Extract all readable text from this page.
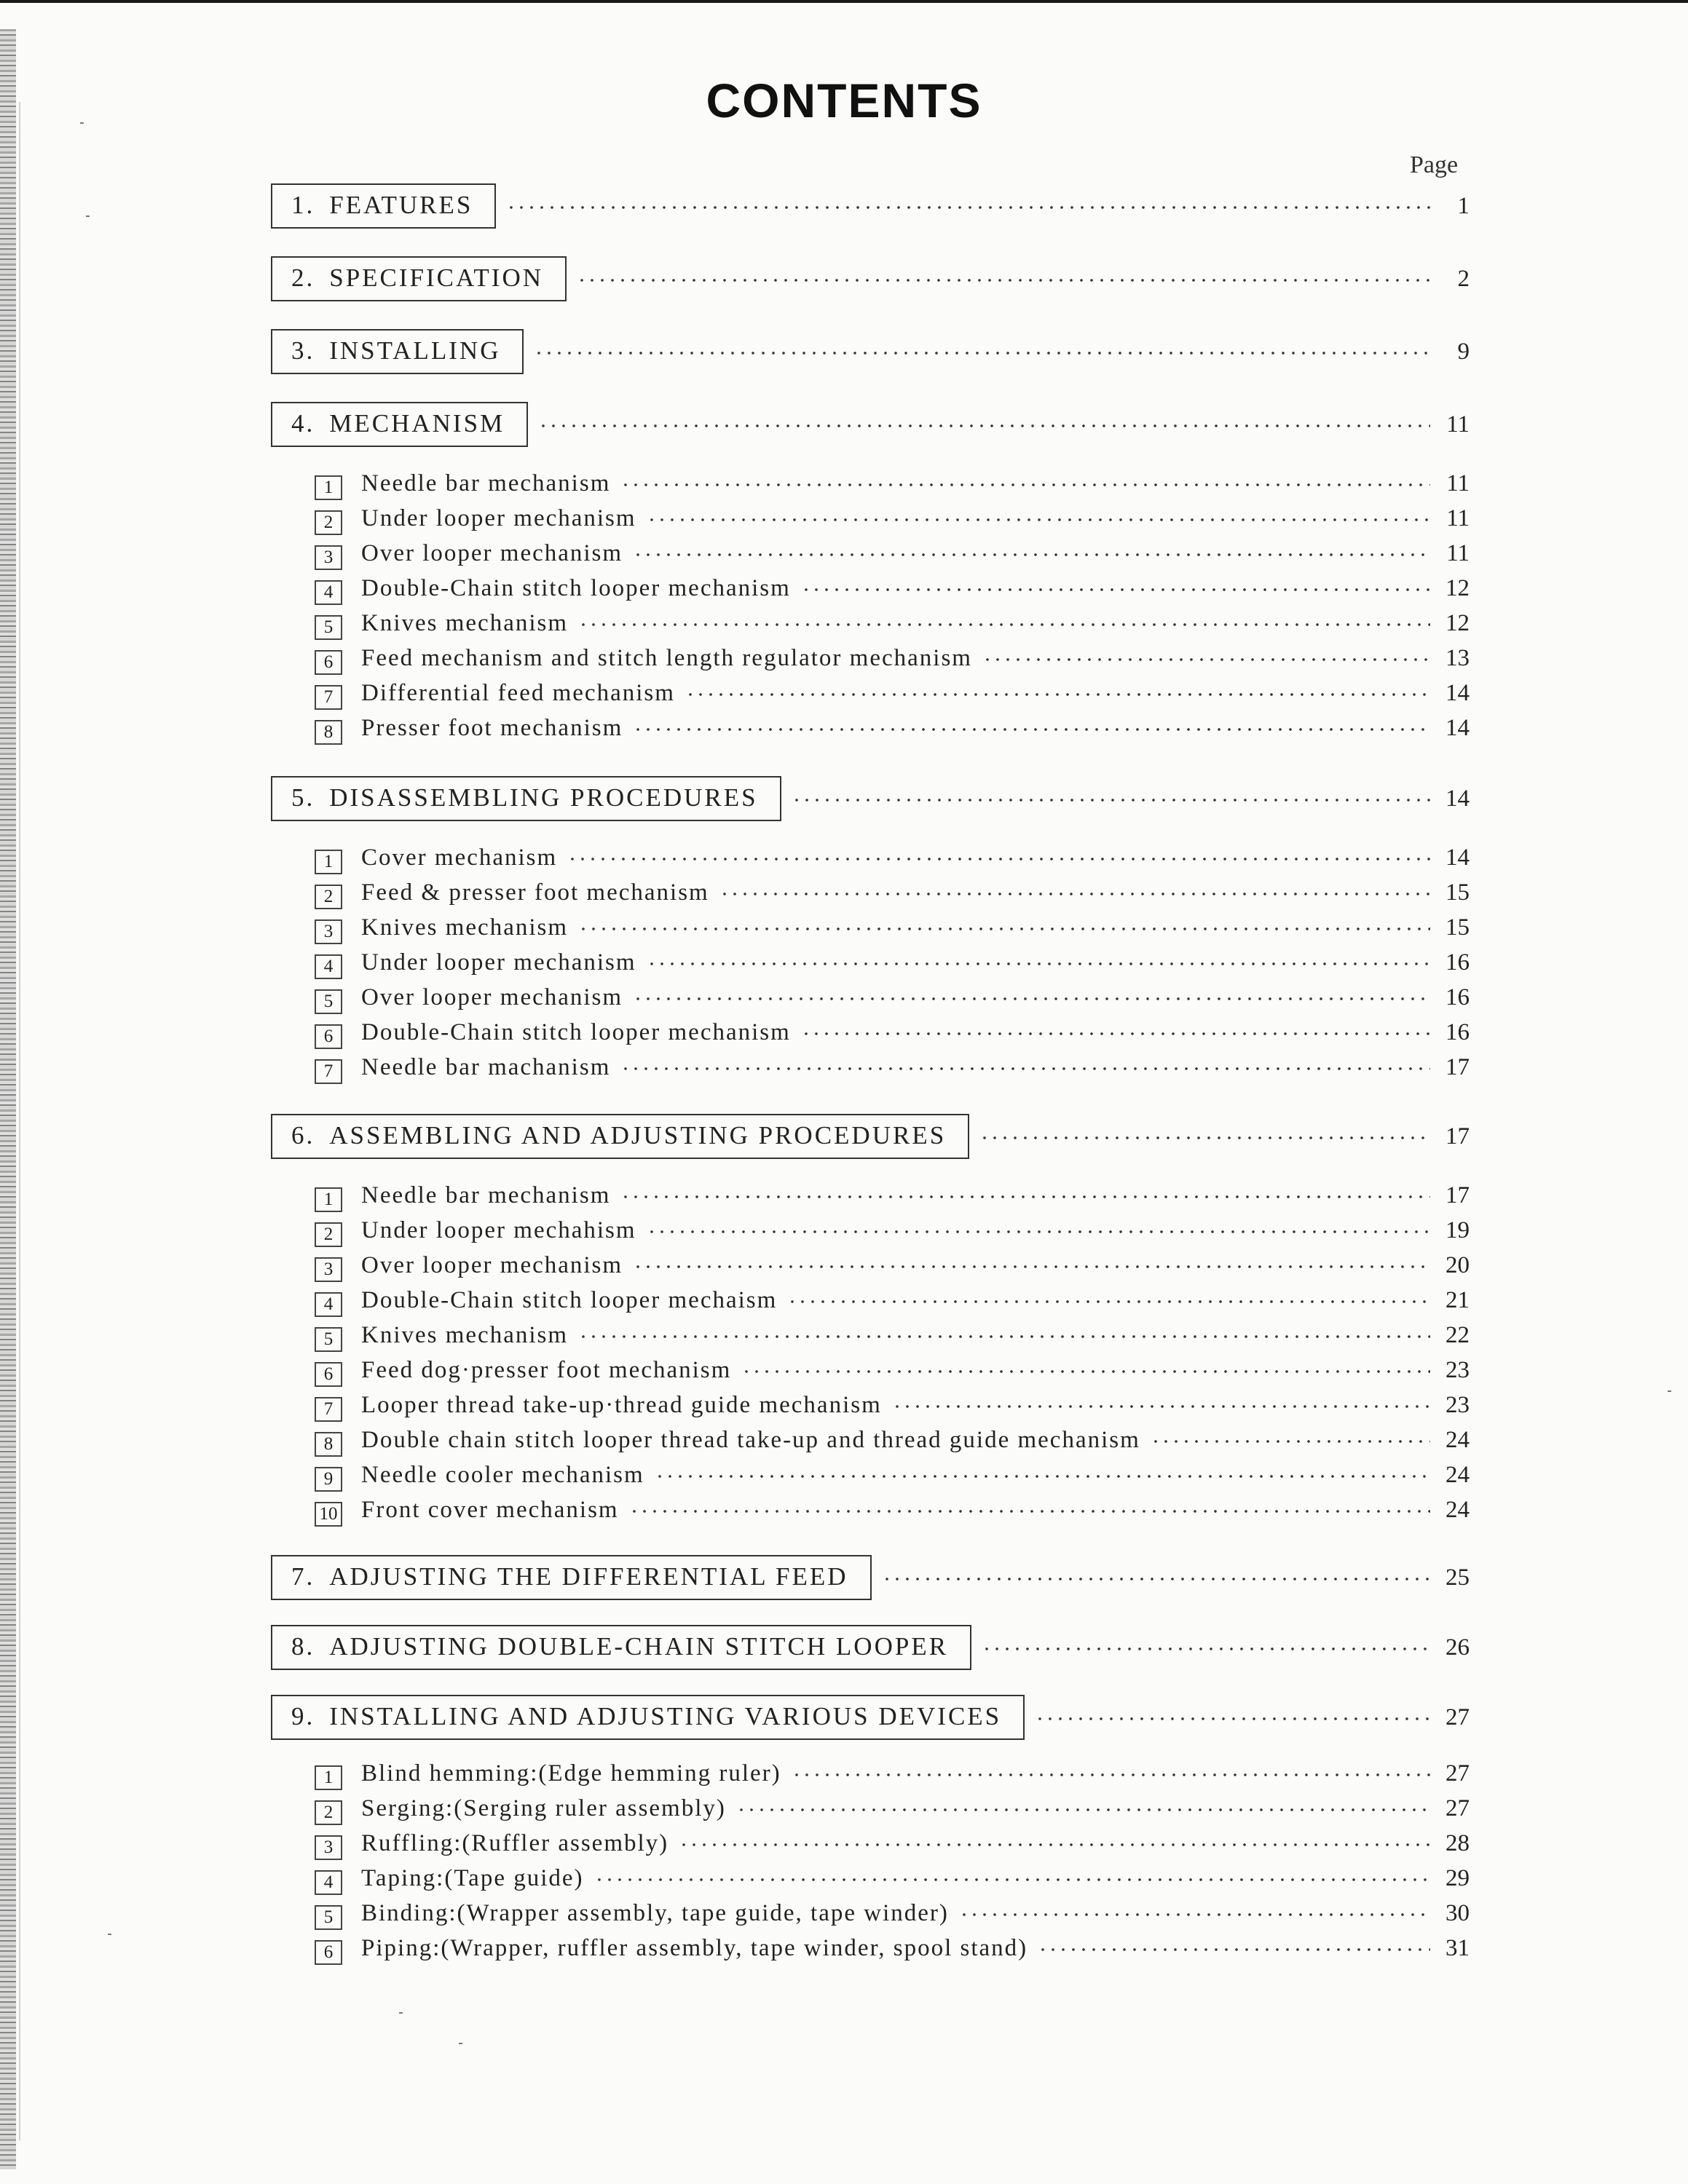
CONTENTS
Page
1. FEATURES	1
2. SPECIFICATION	2
3. INSTALLING	9
4. MECHANISM	11
1	Needle bar mechanism	11
2	Under looper mechanism	11
3	Over looper mechanism	11
4	Double-Chain stitch looper mechanism	12
5	Knives mechanism	12
6	Feed mechanism and stitch length regulator mechanism	13
7	Differential feed mechanism	14
8	Presser foot mechanism	14
5. DISASSEMBLING PROCEDURES	14
1	Cover mechanism	14
2	Feed & presser foot mechanism	15
3	Knives mechanism	15
4	Under looper mechanism	16
5	Over looper mechanism	16
6	Double-Chain stitch looper mechanism	16
7	Needle bar machanism	17
6. ASSEMBLING AND ADJUSTING PROCEDURES	17
1	Needle bar mechanism	17
2	Under looper mechahism	19
3	Over looper mechanism	20
4	Double-Chain stitch looper mechaism	21
5	Knives mechanism	22
6	Feed dog·presser foot mechanism	23
7	Looper thread take-up·thread guide mechanism	23
8	Double chain stitch looper thread take-up and thread guide mechanism	24
9	Needle cooler mechanism	24
10 Front cover mechanism	24
7. ADJUSTING THE DIFFERENTIAL FEED	25
8. ADJUSTING DOUBLE-CHAIN STITCH LOOPER	26
9. INSTALLING AND ADJUSTING VARIOUS DEVICES	27
1	Blind hemming:(Edge hemming ruler)	27
2	Serging:(Serging ruler assembly)	27
3	Ruffling:(Ruffler assembly)	28
4	Taping:(Tape guide)	29
5	Binding:(Wrapper assembly, tape guide, tape winder)	30
6	Piping:(Wrapper, ruffler assembly, tape winder, spool stand)	31
